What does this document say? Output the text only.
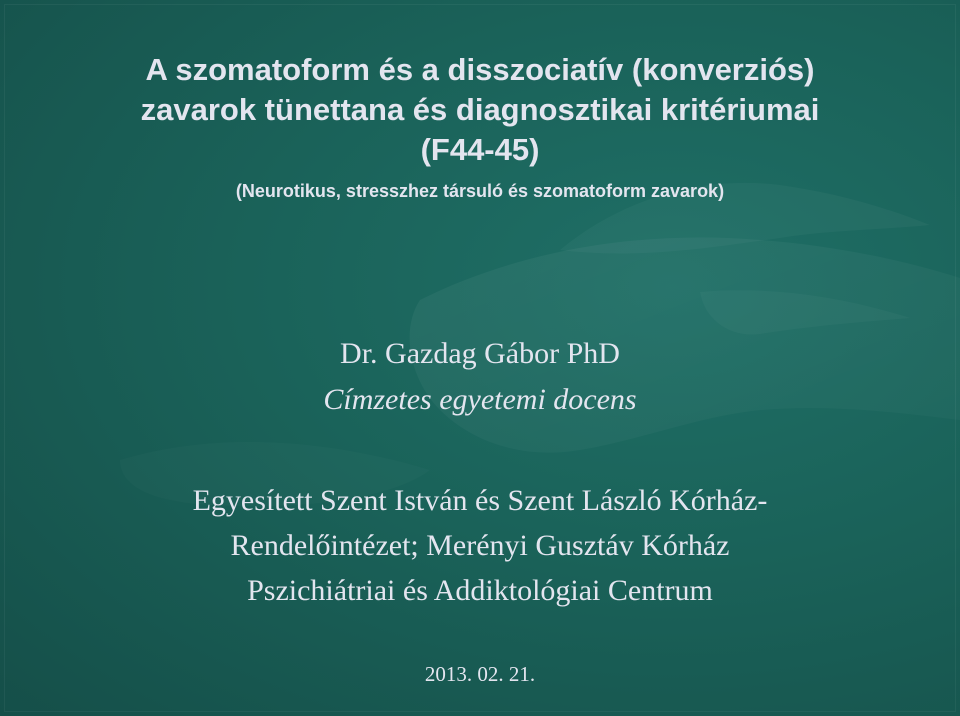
A szomatoform és a disszociatív (konverziós)
zavarok tünettana és diagnosztikai kritériumai
(F44-45)
(Neurotikus, stresszhez társuló és szomatoform zavarok)
Dr. Gazdag Gábor PhD
Címzetes egyetemi docens
Egyesített Szent István és Szent László Kórház-
Rendelőintézet; Merényi Gusztáv Kórház
Pszichiátriai és Addiktológiai Centrum
2013. 02. 21.
